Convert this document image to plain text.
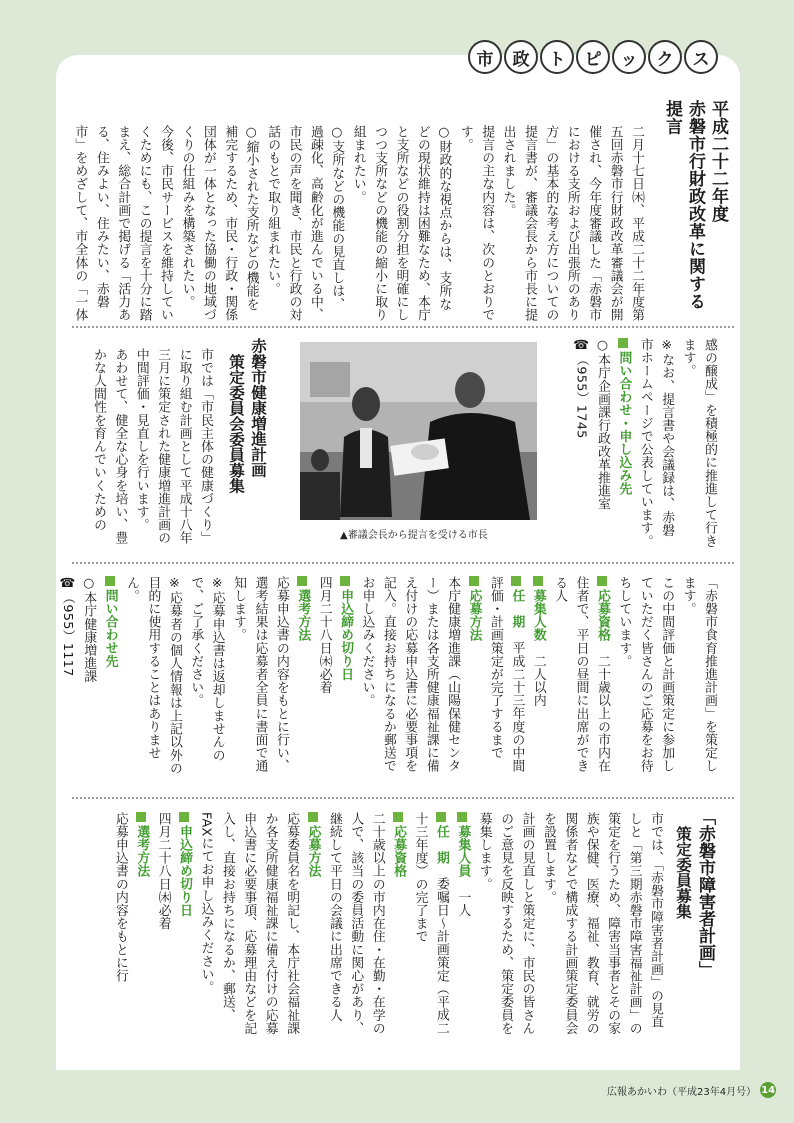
市	政	ト	ピ	ッ	ク	ス
平成二十二年度
赤磐市行財政改革に関する提言

二月十七日㈭、平成二十二年度第五回赤磐市行財政改革審議会が開催され、今年度審議した「赤磐市における支所および出張所のあり方」の基本的な考え方についての提言書が、審議会長から市長に提出されました。

提言の主な内容は、次のとおりです。

○財政的な視点からは、支所などの現状維持は困難なため、本庁と支所などの役割分担を明確にしつつ支所などの機能の縮小に取り組まれたい。

○支所などの機能の見直しは、過疎化、高齢化が進んでいる中、市民の声を聞き、市民と行政の対話のもとで取り組まれたい。

○縮小された支所などの機能を補完するため、市民・行政・関係団体が一体となった協働の地域づくりの仕組みを構築されたい。

今後、市民サービスを維持していくためにも、この提言を十分に踏まえ、総合計画で掲げる「活力ある、住みよい、住みたい、赤磐市」をめざして、市全体の「一体

感の醸成」を積極的に推進して行きます。

※なお、提言書や会議録は、赤磐市ホームページで公表しています。

問い合わせ・申し込み先

○本庁企画課行政改革推進室

☎（955）1745

▲審議会長から提言を受ける市長
赤磐市健康増進計画
策定委員会委員募集

市では「市民主体の健康づくり」に取り組む計画として平成十八年三月に策定された健康増進計画の中間評価・見直しを行います。

あわせて、健全な心身を培い、豊かな人間性を育んでいくための

「赤磐市食育推進計画」を策定します。

この中間評価と計画策定に参加していただく皆さんのご応募をお待ちしています。

応募資格　二十歳以上の市内在住者で、平日の昼間に出席ができる人

募集人数　二人以内

任　期　平成二十三年度の中間評価・計画策定が完了するまで

応募方法

本庁健康増進課（山陽保健センター）または各支所健康福祉課に備え付けの応募申込書に必要事項を記入。直接お持ちになるか郵送でお申し込みください。

申込締め切り日

四月二十八日㈭必着

選考方法

応募申込書の内容をもとに行い、選考結果は応募者全員に書面で通知します。

※応募申込書は返却しませんので、ご了承ください。

※応募者の個人情報は上記以外の目的に使用することはありません。

問い合わせ先

○本庁健康増進課

☎（955）1117

「赤磐市障害者計画」
策定委員募集

市では、「赤磐市障害者計画」の見直しと「第三期赤磐市障害福祉計画」の策定を行うため、障害当事者とその家族や保健、医療、福祉、教育、就労の関係者などで構成する計画策定委員会を設置します。

計画の見直しと策定に、市民の皆さんのご意見を反映するため、策定委員を募集します。

募集人員　一人

任　期　委嘱日～計画策定（平成二十三年度）の完了まで

応募資格

二十歳以上の市内在住・在勤・在学の人で、該当の委員活動に関心があり、継続して平日の会議に出席できる人

応募方法

応募委員名を明記し、本庁社会福祉課か各支所健康福祉課に備え付けの応募申込書に必要事項、応募理由などを記入し、直接お持ちになるか、郵送、FAXにてお申し込みください。

申込締め切り日

四月二十八日㈭必着

選考方法

応募申込書の内容をもとに行

広報あかいわ（平成23年4月号） 14
